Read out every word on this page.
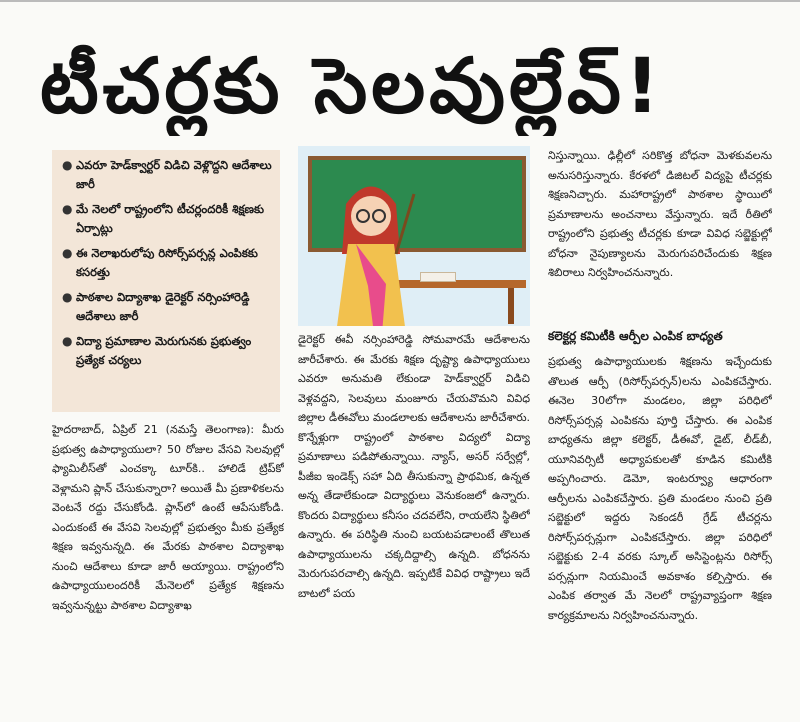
టీచర్లకు సెలవుల్లేవ్!
● ఎవరూ హెడ్‌క్వార్టర్ విడిచి వెళ్లొద్దని ఆదేశాలు జారీ
● మే నెలలో రాష్ట్రంలోని టీచర్లందరికీ శిక్షణకు ఏర్పాట్లు
● ఈ నెలాఖరులోపు రిసోర్స్‌పర్సన్ల ఎంపికకు కసరత్తు
● పాఠశాల విద్యాశాఖ డైరెక్టర్ నర్సింహారెడ్డి ఆదేశాలు జారీ
● విద్యా ప్రమాణాల మెరుగునకు ప్రభుత్వం ప్రత్యేక చర్యలు
హైదరాబాద్, ఏప్రిల్ 21 (నమస్తే తెలంగాణ): మీరు ప్రభుత్వ ఉపాధ్యాయులా? 50 రోజుల వేసవి సెలవుల్లో ఫ్యామిలీస్‌తో ఎంచక్కా టూర్‌కి.. హాలిడే ట్రిప్‌కో వెళ్లామని ప్లాన్ చేసుకున్నారా? అయితే మీ ప్రణాళికలను వెంటనే రద్దు చేసుకోండి. ప్లాన్‌లో ఉంటే ఆపేసుకోండి. ఎందుకంటే ఈ వేసవి సెలవుల్లో ప్రభుత్వం మీకు ప్రత్యేక శిక్షణ ఇవ్వనున్నది. ఈ మేరకు పాఠశాల విద్యాశాఖ నుంచి ఆదేశాలు కూడా జారీ అయ్యాయి. రాష్ట్రంలోని ఉపాధ్యాయులందరికీ మేనెలలో ప్రత్యేక శిక్షణను ఇవ్వనున్నట్టు పాఠశాల విద్యాశాఖ
డైరెక్టర్ ఈవీ నర్సింహారెడ్డి సోమవారమే ఆదేశాలను జారీచేశారు. ఈ మేరకు శిక్షణ దృష్ట్యా ఉపాధ్యాయులు ఎవరూ అనుమతి లేకుండా హెడ్‌క్వార్టర్ విడిచి వెళ్లవద్దని, సెలవులు మంజూరు చేయవొమని వివిధ జిల్లాల డీఈవోలు మండలాలకు ఆదేశాలను జారీచేశారు. కొన్నేళ్లుగా రాష్ట్రంలో పాఠశాల విద్యలో విద్యా ప్రమాణాలు పడిపోతున్నాయి. న్యాస్, అసర్ సర్వేల్లో, పీజీఐ ఇండెక్స్ సహా ఏది తీసుకున్నా ప్రాథమిక, ఉన్నత అన్న తేడాలేకుండా విద్యార్థులు వెనుకంజలో ఉన్నారు. కొందరు విద్యార్థులు కనీసం చదవలేని, రాయలేని స్థితిలో ఉన్నారు. ఈ పరిస్థితి నుంచి బయటపడాలంటే తొలుత ఉపాధ్యాయులను చక్కదిద్దాల్సి ఉన్నది. బోధనను మెరుగుపరచాల్సి ఉన్నది. ఇప్పటికే వివిధ రాష్ట్రాలు ఇదే బాటలో పయ
నిస్తున్నాయి. ఢిల్లీలో సరికొత్త బోధనా మెళకువలను అనుసరిస్తున్నారు. కేరళలో డిజిటల్ విద్యపై టీచర్లకు శిక్షణనిచ్చారు. మహారాష్ట్రలో పాఠశాల స్థాయిలో ప్రమాణాలను అంచనాలు వేస్తున్నారు. ఇదే రీతిలో రాష్ట్రంలోని ప్రభుత్వ టీచర్లకు కూడా వివిధ సబ్జెక్టుల్లో బోధనా నైపుణ్యాలను మెరుగుపరిచేందుకు శిక్షణ శిబిరాలు నిర్వహించనున్నారు.
కలెక్టర్ల కమిటీకి ఆర్పీల ఎంపిక బాధ్యత
ప్రభుత్వ ఉపాధ్యాయులకు శిక్షణను ఇచ్చేందుకు తొలుత ఆర్పీ (రిసోర్స్‌పర్సన్)లను ఎంపికచేస్తారు. ఈనెల 30లోగా మండలం, జిల్లా పరిధిలో రిసోర్స్‌పర్సన్ల ఎంపికను పూర్తి చేస్తారు. ఈ ఎంపిక బాధ్యతను జిల్లా కలెక్టర్, డీఈవో, డైట్, లీడ్‌బీ, యూనివర్సిటీ అధ్యాపకులతో కూడిన కమిటీకి అప్పగించారు. డెమో, ఇంటర్వ్యూ ఆధారంగా ఆర్పీలను ఎంపికచేస్తారు. ప్రతి మండలం నుంచి ప్రతి సబ్జెక్టులో ఇద్దరు సెకండరీ గ్రేడ్ టీచర్లను రిసోర్స్‌పర్సన్లుగా ఎంపికచేస్తారు. జిల్లా పరిధిలో సబ్జెక్టుకు 2-4 వరకు స్కూల్ అసిస్టెంట్లను రిసోర్స్ పర్సన్లుగా నియమించే అవకాశం కల్పిస్తారు. ఈ ఎంపిక తర్వాత మే నెలలో రాష్ట్రవ్యాప్తంగా శిక్షణ కార్యక్రమాలను నిర్వహించనున్నారు.
